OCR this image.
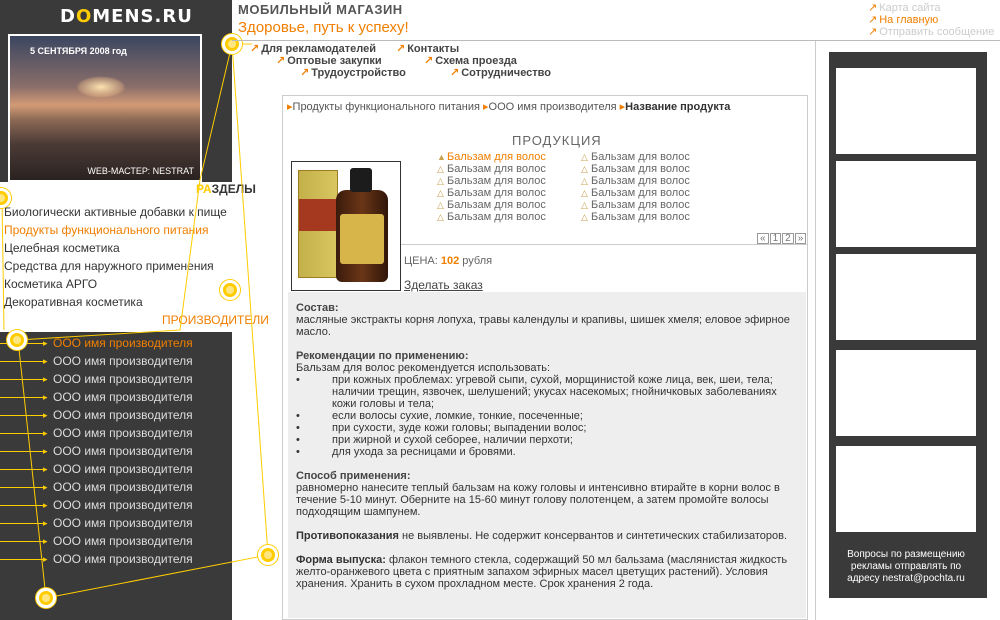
DOMENS.RU
5 СЕНТЯБРЯ 2008 год
WEB-МАСТЕР: NESTRAT
РАЗДЕЛЫ
Биологически активные добавки к пище
Продукты функционального питания
Целебная косметика
Средства для наружного применения
Косметика АРГО
Декоративная косметика
ПРОИЗВОДИТЕЛИ
ООО имя производителя ▸
ООО имя производителя ▸
ООО имя производителя ▸
ООО имя производителя ▸
ООО имя производителя ▸
ООО имя производителя ▸
ООО имя производителя ▸
ООО имя производителя ▸
ООО имя производителя ▸
ООО имя производителя ▸
ООО имя производителя ▸
ООО имя производителя ▸
ООО имя производителя ▸
МОБИЛЬНЫЙ МАГАЗИН
Здоровье, путь к успеху!
↗ Карта сайта
↗ На главную
↗ Отправить сообщение
↗ Для рекламодателей ↗ Контакты
↗ Оптовые закупки	↗ Схема проезда
↗ Трудоустройство	↗ Сотрудничество
▸Продукты функционального питания ▸ООО имя производителя ▸Название продукта
ПРОДУКЦИЯ
▲Бальзам для волос
△ Бальзам для волос
△ Бальзам для волос
△ Бальзам для волос
△ Бальзам для волос
△ Бальзам для волос
△ Бальзам для волос
△ Бальзам для волос
△ Бальзам для волос
△ Бальзам для волос
△ Бальзам для волос
△ Бальзам для волос
« 1 2 »
ЦЕНА: 102 рубля
Зделать заказ
Состав:

масляные экстракты корня лопуха, травы календулы и крапивы, шишек хмеля; еловое эфирное масло.

Рекомендации по применению:
Бальзам для волос рекомендуется использовать:
• при кожных проблемах: угревой сыпи, сухой, морщинистой коже лица, век, шеи, тела; наличии трещин, язвочек, шелушений; укусах насекомых; гнойничковых заболеваниях кожи головы и тела;
• если волосы сухие, ломкие, тонкие, посеченные;
• при сухости, зуде кожи головы; выпадении волос;
• при жирной и сухой себорее, наличии перхоти;
• для ухода за ресницами и бровями.
Способ применения:

равномерно нанесите теплый бальзам на кожу головы и интенсивно втирайте в корни волос в течение 5-10 минут. Оберните на 15-60 минут голову полотенцем, а затем промойте волосы подходящим шампунем.

Противопоказания не выявлены. Не содержит консервантов и синтетических стабилизаторов.

Форма выпуска: флакон темного стекла, содержащий 50 мл бальзама (маслянистая жидкость желто-оранжевого цвета с приятным запахом эфирных масел цветущих растений). Условия хранения. Хранить в сухом прохладном месте. Срок хранения 2 года.

Вопросы по размещению рекламы отправлять по адресу nestrat@pochta.ru
